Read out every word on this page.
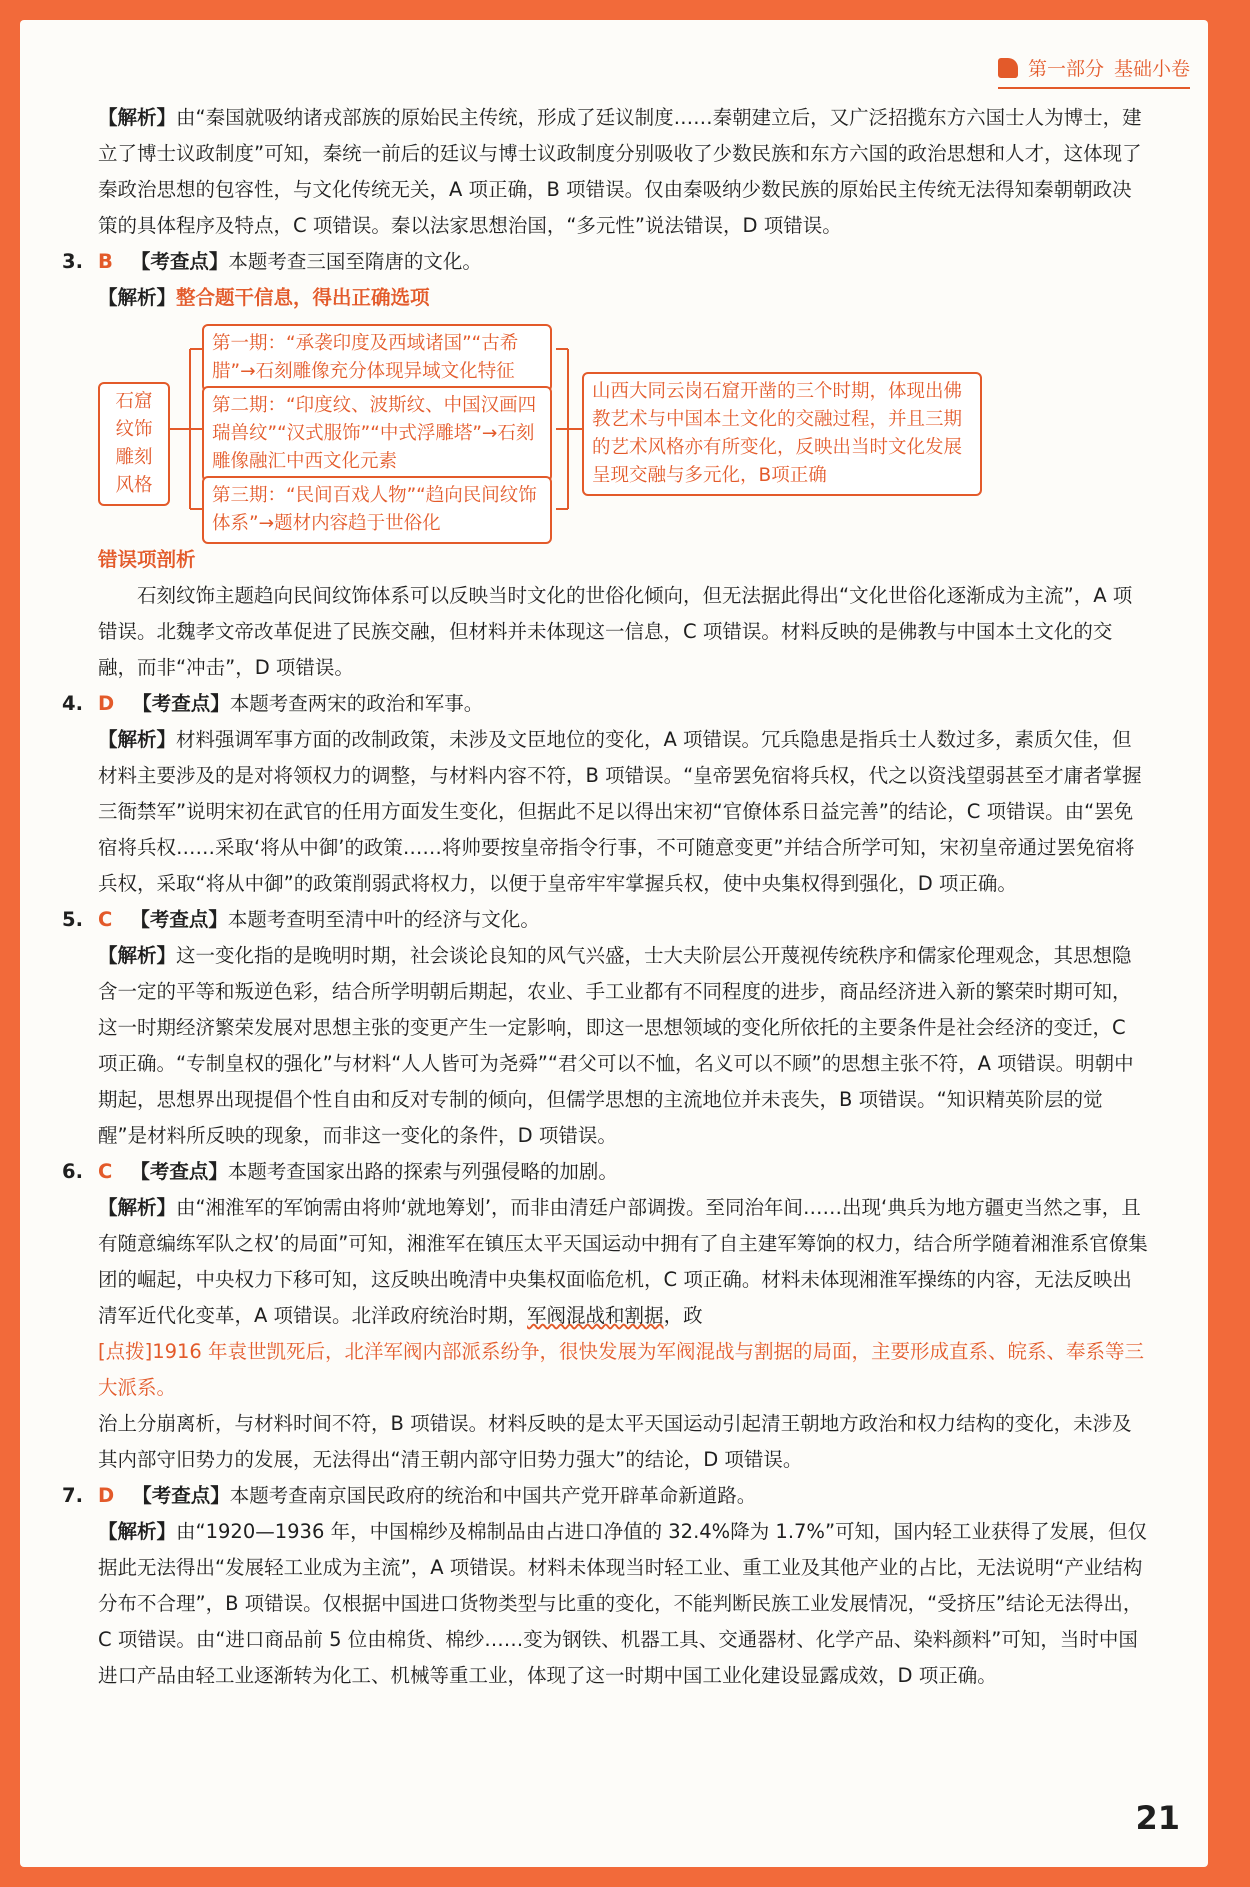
第一部分 基础小卷
【解析】由“秦国就吸纳诸戎部族的原始民主传统，形成了廷议制度……秦朝建立后，又广泛招揽东方六国士人为博士，建立了博士议政制度”可知，秦统一前后的廷议与博士议政制度分别吸收了少数民族和东方六国的政治思想和人才，这体现了秦政治思想的包容性，与文化传统无关，A 项正确，B 项错误。仅由秦吸纳少数民族的原始民主传统无法得知秦朝朝政决策的具体程序及特点，C 项错误。秦以法家思想治国，“多元性”说法错误，D 项错误。
3. B 【考查点】本题考查三国至隋唐的文化。
【解析】整合题干信息，得出正确选项
石窟纹饰雕刻风格
第一期：“承袭印度及西域诸国”“古希腊”→石刻雕像充分体现异域文化特征
第二期：“印度纹、波斯纹、中国汉画四瑞兽纹”“汉式服饰”“中式浮雕塔”→石刻雕像融汇中西文化元素
第三期：“民间百戏人物”“趋向民间纹饰体系”→题材内容趋于世俗化
山西大同云岗石窟开凿的三个时期，体现出佛教艺术与中国本土文化的交融过程，并且三期的艺术风格亦有所变化，反映出当时文化发展呈现交融与多元化，B项正确
错误项剖析
石刻纹饰主题趋向民间纹饰体系可以反映当时文化的世俗化倾向，但无法据此得出“文化世俗化逐渐成为主流”，A 项错误。北魏孝文帝改革促进了民族交融，但材料并未体现这一信息，C 项错误。材料反映的是佛教与中国本土文化的交融，而非“冲击”，D 项错误。
4. D 【考查点】本题考查两宋的政治和军事。
【解析】材料强调军事方面的改制政策，未涉及文臣地位的变化，A 项错误。冗兵隐患是指兵士人数过多，素质欠佳，但材料主要涉及的是对将领权力的调整，与材料内容不符，B 项错误。“皇帝罢免宿将兵权，代之以资浅望弱甚至才庸者掌握三衙禁军”说明宋初在武官的任用方面发生变化，但据此不足以得出宋初“官僚体系日益完善”的结论，C 项错误。由“罢免宿将兵权……采取‘将从中御’的政策……将帅要按皇帝指令行事，不可随意变更”并结合所学可知，宋初皇帝通过罢免宿将兵权，采取“将从中御”的政策削弱武将权力，以便于皇帝牢牢掌握兵权，使中央集权得到强化，D 项正确。
5. C 【考查点】本题考查明至清中叶的经济与文化。
【解析】这一变化指的是晚明时期，社会谈论良知的风气兴盛，士大夫阶层公开蔑视传统秩序和儒家伦理观念，其思想隐含一定的平等和叛逆色彩，结合所学明朝后期起，农业、手工业都有不同程度的进步，商品经济进入新的繁荣时期可知，这一时期经济繁荣发展对思想主张的变更产生一定影响，即这一思想领域的变化所依托的主要条件是社会经济的变迁，C 项正确。“专制皇权的强化”与材料“人人皆可为尧舜”“君父可以不恤，名义可以不顾”的思想主张不符，A 项错误。明朝中期起，思想界出现提倡个性自由和反对专制的倾向，但儒学思想的主流地位并未丧失，B 项错误。“知识精英阶层的觉醒”是材料所反映的现象，而非这一变化的条件，D 项错误。
6. C 【考查点】本题考查国家出路的探索与列强侵略的加剧。
【解析】由“湘淮军的军饷需由将帅‘就地筹划’，而非由清廷户部调拨。至同治年间……出现‘典兵为地方疆吏当然之事，且有随意编练军队之权’的局面”可知，湘淮军在镇压太平天国运动中拥有了自主建军筹饷的权力，结合所学随着湘淮系官僚集团的崛起，中央权力下移可知，这反映出晚清中央集权面临危机，C 项正确。材料未体现湘淮军操练的内容，无法反映出清军近代化变革，A 项错误。北洋政府统治时期，军阀混战和割据，政
[点拨]1916 年袁世凯死后，北洋军阀内部派系纷争，很快发展为军阀混战与割据的局面，主要形成直系、皖系、奉系等三大派系。
治上分崩离析，与材料时间不符，B 项错误。材料反映的是太平天国运动引起清王朝地方政治和权力结构的变化，未涉及其内部守旧势力的发展，无法得出“清王朝内部守旧势力强大”的结论，D 项错误。
7. D 【考查点】本题考查南京国民政府的统治和中国共产党开辟革命新道路。
【解析】由“1920—1936 年，中国棉纱及棉制品由占进口净值的 32.4%降为 1.7%”可知，国内轻工业获得了发展，但仅据此无法得出“发展轻工业成为主流”，A 项错误。材料未体现当时轻工业、重工业及其他产业的占比，无法说明“产业结构分布不合理”，B 项错误。仅根据中国进口货物类型与比重的变化，不能判断民族工业发展情况，“受挤压”结论无法得出，C 项错误。由“进口商品前 5 位由棉货、棉纱……变为钢铁、机器工具、交通器材、化学产品、染料颜料”可知，当时中国进口产品由轻工业逐渐转为化工、机械等重工业，体现了这一时期中国工业化建设显露成效，D 项正确。
21
